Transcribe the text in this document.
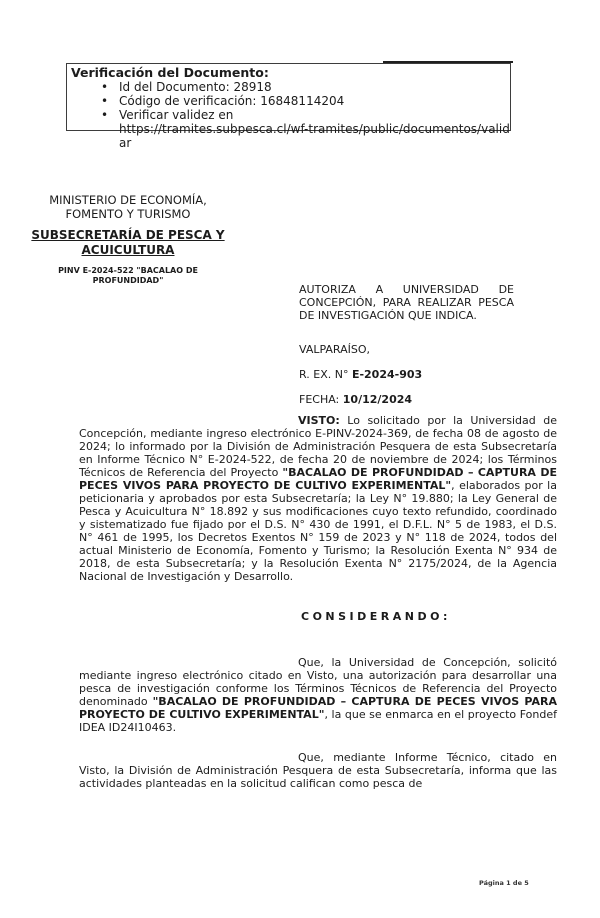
Verificación del Documento:
• Id del Documento: 28918
• Código de verificación: 16848114204
• Verificar validez en
https://tramites.subpesca.cl/wf-tramites/public/documentos/valid
ar
MINISTERIO DE ECONOMÍA, FOMENTO Y TURISMO
SUBSECRETARÍA DE PESCA Y ACUICULTURA
PINV E-2024-522 "BACALAO DE PROFUNDIDAD"
AUTORIZA A UNIVERSIDAD DE CONCEPCIÓN, PARA REALIZAR PESCA DE INVESTIGACIÓN QUE INDICA.
VALPARAÍSO,
R. EX. N° E-2024-903
FECHA: 10/12/2024

VISTO: Lo solicitado por la Universidad de Concepción, mediante ingreso electrónico E-PINV-2024-369, de fecha 08 de agosto de 2024; lo informado por la División de Administración Pesquera de esta Subsecretaría en Informe Técnico N° E-2024-522, de fecha 20 de noviembre de 2024; los Términos Técnicos de Referencia del Proyecto "BACALAO DE PROFUNDIDAD – CAPTURA DE PECES VIVOS PARA PROYECTO DE CULTIVO EXPERIMENTAL", elaborados por la peticionaria y aprobados por esta Subsecretaría; la Ley N° 19.880; la Ley General de Pesca y Acuicultura N° 18.892 y sus modificaciones cuyo texto refundido, coordinado y sistematizado fue fijado por el D.S. N° 430 de 1991, el D.F.L. N° 5 de 1983, el D.S. N° 461 de 1995, los Decretos Exentos N° 159 de 2023 y N° 118 de 2024, todos del actual Ministerio de Economía, Fomento y Turismo; la Resolución Exenta N° 934 de 2018, de esta Subsecretaría; y la Resolución Exenta N° 2175/2024, de la Agencia Nacional de Investigación y Desarrollo.

CONSIDERANDO:

Que, la Universidad de Concepción, solicitó mediante ingreso electrónico citado en Visto, una autorización para desarrollar una pesca de investigación conforme los Términos Técnicos de Referencia del Proyecto denominado "BACALAO DE PROFUNDIDAD – CAPTURA DE PECES VIVOS PARA PROYECTO DE CULTIVO EXPERIMENTAL", la que se enmarca en el proyecto Fondef IDEA ID24I10463.

Que, mediante Informe Técnico, citado en Visto, la División de Administración Pesquera de esta Subsecretaría, informa que las actividades planteadas en la solicitud califican como pesca de

Página 1 de 5
